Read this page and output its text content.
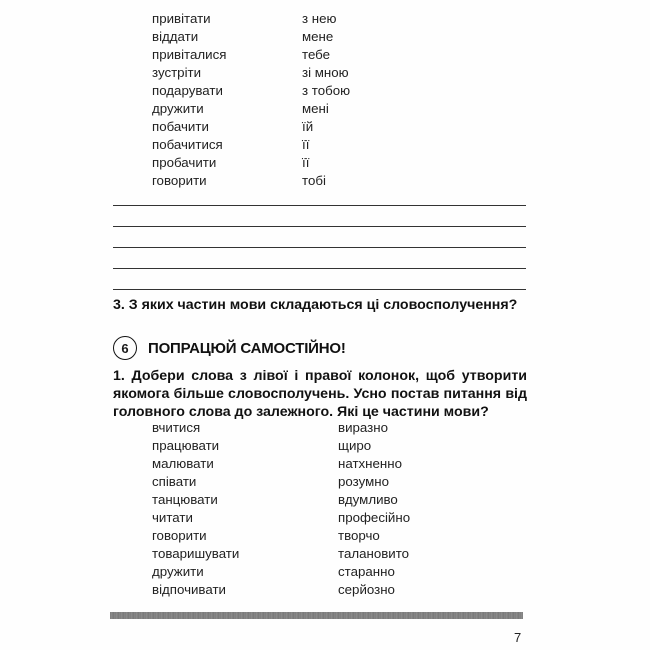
привітати
віддати
привіталися
зустріти
подарувати
дружити
побачити
побачитися
пробачити
говорити
з нею
мене
тебе
зі мною
з тобою
мені
їй
її
її
тобі
3. З яких частин мови складаються ці словосполучення?
6	ПОПРАЦЮЙ САМОСТІЙНО!
1. Добери слова з лівої і правої колонок, щоб утворити якомога більше словосполучень. Усно постав питання від головного слова до залежного. Які це частини мови?
вчитися
працювати
малювати
співати
танцювати
читати
говорити
товаришувати
дружити
відпочивати
виразно
щиро
натхненно
розумно
вдумливо
професійно
творчо
талановито
старанно
серйозно
7
